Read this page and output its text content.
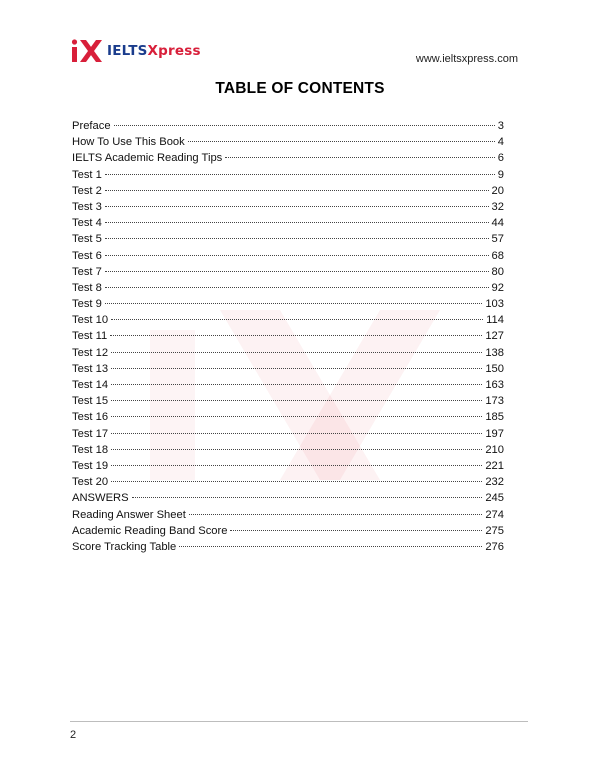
IELTSXpress	www.ieltsxpress.com
TABLE OF CONTENTS
Preface	3
How To Use This Book	4
IELTS Academic Reading Tips	6
Test 1	9
Test 2	20
Test 3	32
Test 4	44
Test 5	57
Test 6	68
Test 7	80
Test 8	92
Test 9	103
Test 10	114
Test 11	127
Test 12	138
Test 13	150
Test 14	163
Test 15	173
Test 16	185
Test 17	197
Test 18	210
Test 19	221
Test 20	232
ANSWERS	245
Reading Answer Sheet	274
Academic Reading Band Score	275
Score Tracking Table	276
2
